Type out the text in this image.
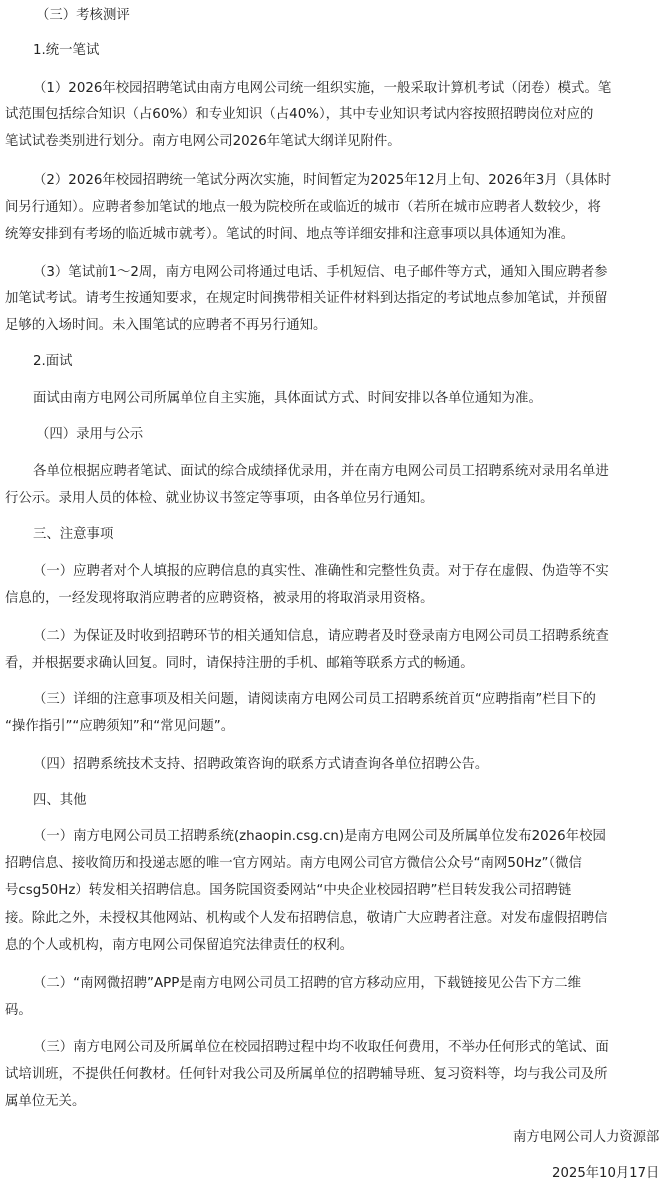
（三）考核测评
1.统一笔试
（1）2026年校园招聘笔试由南方电网公司统一组织实施，一般采取计算机考试（闭卷）模式。笔
试范围包括综合知识（占60%）和专业知识（占40%），其中专业知识考试内容按照招聘岗位对应的
笔试试卷类别进行划分。南方电网公司2026年笔试大纲详见附件。
（2）2026年校园招聘统一笔试分两次实施，时间暂定为2025年12月上旬、2026年3月（具体时
间另行通知）。应聘者参加笔试的地点一般为院校所在或临近的城市（若所在城市应聘者人数较少，将
统筹安排到有考场的临近城市就考）。笔试的时间、地点等详细安排和注意事项以具体通知为准。
（3）笔试前1～2周，南方电网公司将通过电话、手机短信、电子邮件等方式，通知入围应聘者参
加笔试考试。请考生按通知要求，在规定时间携带相关证件材料到达指定的考试地点参加笔试，并预留
足够的入场时间。未入围笔试的应聘者不再另行通知。
2.面试
面试由南方电网公司所属单位自主实施，具体面试方式、时间安排以各单位通知为准。
（四）录用与公示
各单位根据应聘者笔试、面试的综合成绩择优录用，并在南方电网公司员工招聘系统对录用名单进
行公示。录用人员的体检、就业协议书签定等事项，由各单位另行通知。
三、注意事项
（一）应聘者对个人填报的应聘信息的真实性、准确性和完整性负责。对于存在虚假、伪造等不实
信息的，一经发现将取消应聘者的应聘资格，被录用的将取消录用资格。
（二）为保证及时收到招聘环节的相关通知信息，请应聘者及时登录南方电网公司员工招聘系统查
看，并根据要求确认回复。同时，请保持注册的手机、邮箱等联系方式的畅通。
（三）详细的注意事项及相关问题，请阅读南方电网公司员工招聘系统首页“应聘指南”栏目下的
“操作指引”“应聘须知”和“常见问题”。
（四）招聘系统技术支持、招聘政策咨询的联系方式请查询各单位招聘公告。
四、其他
（一）南方电网公司员工招聘系统(zhaopin.csg.cn)是南方电网公司及所属单位发布2026年校园
招聘信息、接收简历和投递志愿的唯一官方网站。南方电网公司官方微信公众号“南网50Hz”（微信
号csg50Hz）转发相关招聘信息。国务院国资委网站“中央企业校园招聘”栏目转发我公司招聘链
接。除此之外，未授权其他网站、机构或个人发布招聘信息，敬请广大应聘者注意。对发布虚假招聘信
息的个人或机构，南方电网公司保留追究法律责任的权利。
（二）“南网微招聘”APP是南方电网公司员工招聘的官方移动应用，下载链接见公告下方二维
码。
（三）南方电网公司及所属单位在校园招聘过程中均不收取任何费用，不举办任何形式的笔试、面
试培训班，不提供任何教材。任何针对我公司及所属单位的招聘辅导班、复习资料等，均与我公司及所
属单位无关。
南方电网公司人力资源部
2025年10月17日
